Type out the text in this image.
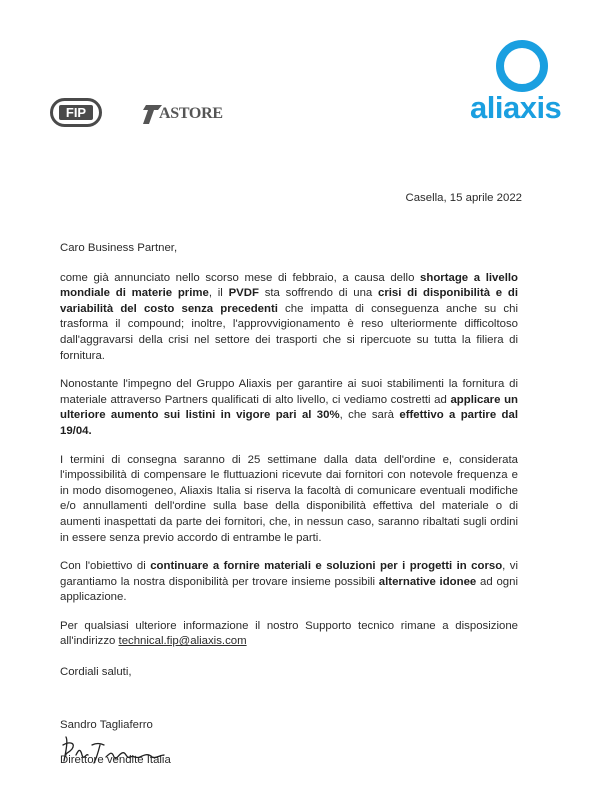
FIP	ASTORE	aliaxis
Casella, 15 aprile 2022

Caro Business Partner,

come già annunciato nello scorso mese di febbraio, a causa dello shortage a livello mondiale di materie prime, il PVDF sta soffrendo di una crisi di disponibilità e di variabilità del costo senza precedenti che impatta di conseguenza anche su chi trasforma il compound; inoltre, l'approvvigionamento è reso ulteriormente difficoltoso dall'aggravarsi della crisi nel settore dei trasporti che si ripercuote su tutta la filiera di fornitura.

Nonostante l'impegno del Gruppo Aliaxis per garantire ai suoi stabilimenti la fornitura di materiale attraverso Partners qualificati di alto livello, ci vediamo costretti ad applicare un ulteriore aumento sui listini in vigore pari al 30%, che sarà effettivo a partire dal 19/04.

I termini di consegna saranno di 25 settimane dalla data dell'ordine e, considerata l'impossibilità di compensare le fluttuazioni ricevute dai fornitori con notevole frequenza e in modo disomogeneo, Aliaxis Italia si riserva la facoltà di comunicare eventuali modifiche e/o annullamenti dell'ordine sulla base della disponibilità effettiva del materiale o di aumenti inaspettati da parte dei fornitori, che, in nessun caso, saranno ribaltati sugli ordini in essere senza previo accordo di entrambe le parti.

Con l'obiettivo di continuare a fornire materiali e soluzioni per i progetti in corso, vi garantiamo la nostra disponibilità per trovare insieme possibili alternative idonee ad ogni applicazione.

Per qualsiasi ulteriore informazione il nostro Supporto tecnico rimane a disposizione all'indirizzo technical.fip@aliaxis.com

Cordiali saluti,

Sandro Tagliaferro

Direttore vendite Italia
